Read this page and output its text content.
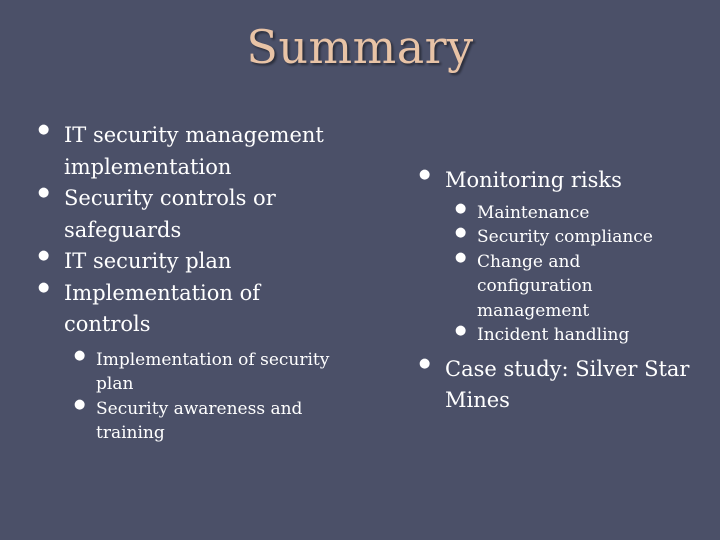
Summary
● IT security management implementation
● Security controls or safeguards
● IT security plan
● Implementation of controls
● Implementation of security plan
● Security awareness and training
● Monitoring risks
● Maintenance
● Security compliance
● Change and configuration management
● Incident handling
● Case study: Silver Star Mines
